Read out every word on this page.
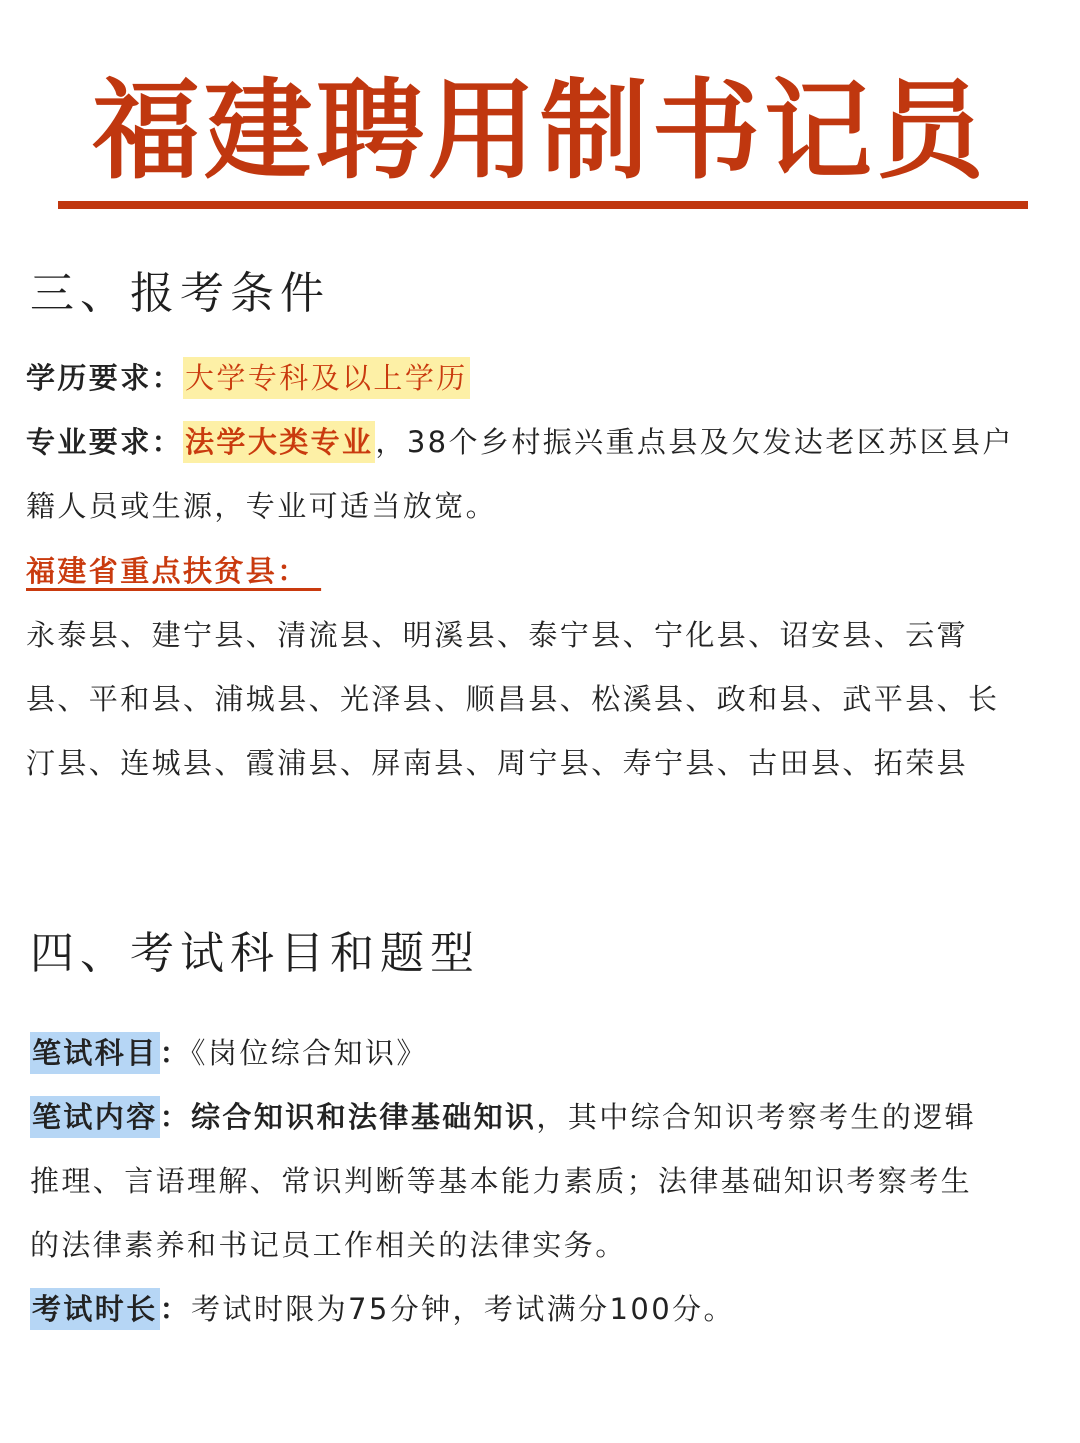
福建聘用制书记员
三、报考条件
学历要求：大学专科及以上学历
专业要求：法学大类专业，38个乡村振兴重点县及欠发达老区苏区县户
籍人员或生源，专业可适当放宽。
福建省重点扶贫县：
永泰县、建宁县、清流县、明溪县、泰宁县、宁化县、诏安县、云霄
县、平和县、浦城县、光泽县、顺昌县、松溪县、政和县、武平县、长
汀县、连城县、霞浦县、屏南县、周宁县、寿宁县、古田县、拓荣县
四、考试科目和题型
笔试科目：《岗位综合知识》
笔试内容：综合知识和法律基础知识，其中综合知识考察考生的逻辑
推理、言语理解、常识判断等基本能力素质；法律基础知识考察考生
的法律素养和书记员工作相关的法律实务。
考试时长：考试时限为75分钟，考试满分100分。
